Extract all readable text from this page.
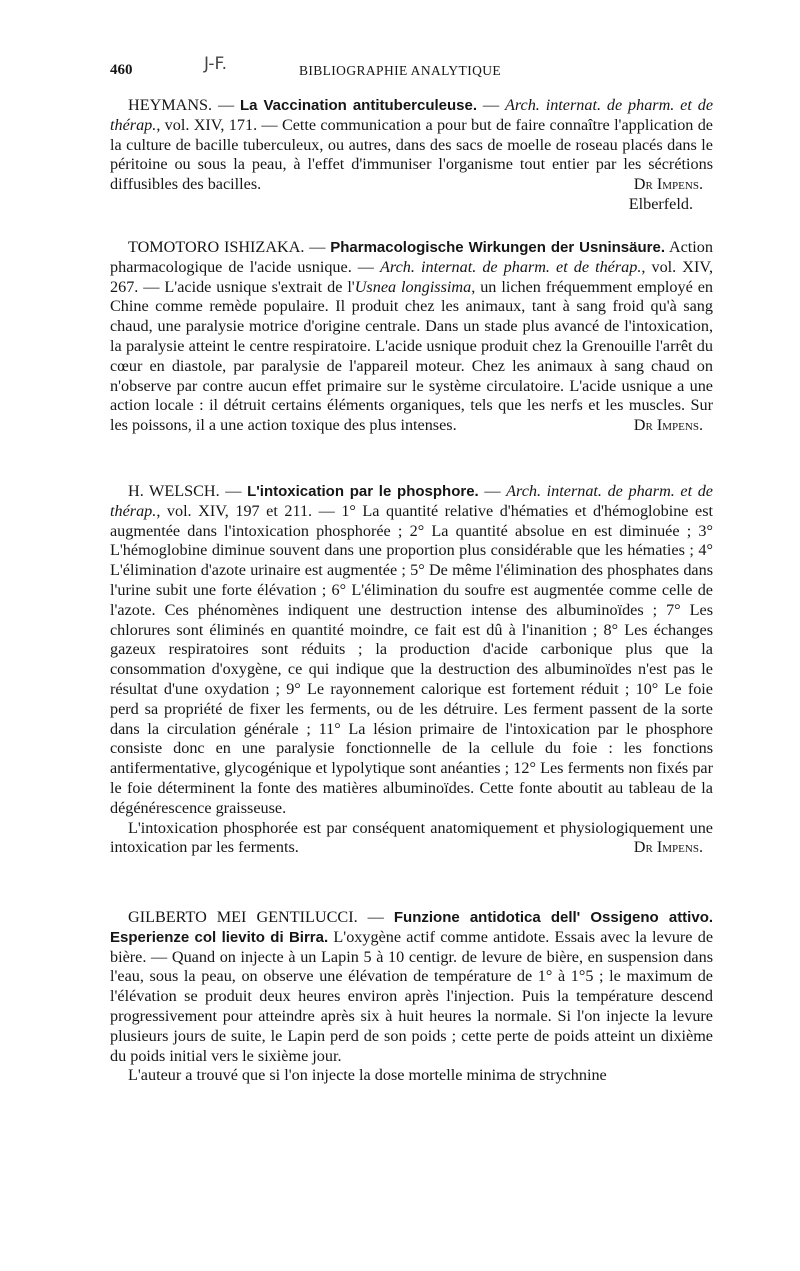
460	BIBLIOGRAPHIE ANALYTIQUE
J-F.

HEYMANS. — La Vaccination antituberculeuse. — Arch. internat. de pharm. et de thérap., vol. XIV, 171. — Cette communication a pour but de faire connaître l'application de la culture de bacille tuberculeux, ou autres, dans des sacs de moelle de roseau placés dans le péritoine ou sous la peau, à l'effet d'immuniser l'organisme tout entier par les sécrétions diffusibles des bacilles.	Dr Impens.

Elberfeld.

TOMOTORO ISHIZAKA. — Pharmacologische Wirkungen der Usninsäure. Action pharmacologique de l'acide usnique. — Arch. internat. de pharm. et de thérap., vol. XIV, 267. — L'acide usnique s'extrait de l'Usnea longissima, un lichen fréquemment employé en Chine comme remède populaire. Il produit chez les animaux, tant à sang froid qu'à sang chaud, une paralysie motrice d'origine centrale. Dans un stade plus avancé de l'intoxication, la paralysie atteint le centre respiratoire. L'acide usnique produit chez la Grenouille l'arrêt du cœur en diastole, par paralysie de l'appareil moteur. Chez les animaux à sang chaud on n'observe par contre aucun effet primaire sur le système circulatoire. L'acide usnique a une action locale : il détruit certains éléments organiques, tels que les nerfs et les muscles. Sur les poissons, il a une action toxique des plus intenses.	Dr Impens.

H. WELSCH. — L'intoxication par le phosphore. — Arch. internat. de pharm. et de thérap., vol. XIV, 197 et 211. — 1° La quantité relative d'hématies et d'hémoglobine est augmentée dans l'intoxication phosphorée ; 2° La quantité absolue en est diminuée ; 3° L'hémoglobine diminue souvent dans une proportion plus considérable que les hématies ; 4° L'élimination d'azote urinaire est augmentée ; 5° De même l'élimination des phosphates dans l'urine subit une forte élévation ; 6° L'élimination du soufre est augmentée comme celle de l'azote. Ces phénomènes indiquent une destruction intense des albuminoïdes ; 7° Les chlorures sont éliminés en quantité moindre, ce fait est dû à l'inanition ; 8° Les échanges gazeux respiratoires sont réduits ; la production d'acide carbonique plus que la consommation d'oxygène, ce qui indique que la destruction des albuminoïdes n'est pas le résultat d'une oxydation ; 9° Le rayonnement calorique est fortement réduit ; 10° Le foie perd sa propriété de fixer les ferments, ou de les détruire. Les ferment passent de la sorte dans la circulation générale ; 11° La lésion primaire de l'intoxication par le phosphore consiste donc en une paralysie fonctionnelle de la cellule du foie : les fonctions antifermentative, glycogénique et lypolytique sont anéanties ; 12° Les ferments non fixés par le foie déterminent la fonte des matières albuminoïdes. Cette fonte aboutit au tableau de la dégénérescence graisseuse.

L'intoxication phosphorée est par conséquent anatomiquement et physiologiquement une intoxication par les ferments.	Dr Impens.

GILBERTO MEI GENTILUCCI. — Funzione antidotica dell' Ossigeno attivo. Esperienze col lievito di Birra. L'oxygène actif comme antidote. Essais avec la levure de bière. — Quand on injecte à un Lapin 5 à 10 centigr. de levure de bière, en suspension dans l'eau, sous la peau, on observe une élévation de température de 1° à 1°5 ; le maximum de l'élévation se produit deux heures environ après l'injection. Puis la température descend progressivement pour atteindre après six à huit heures la normale. Si l'on injecte la levure plusieurs jours de suite, le Lapin perd de son poids ; cette perte de poids atteint un dixième du poids initial vers le sixième jour.

L'auteur a trouvé que si l'on injecte la dose mortelle minima de strychnine
